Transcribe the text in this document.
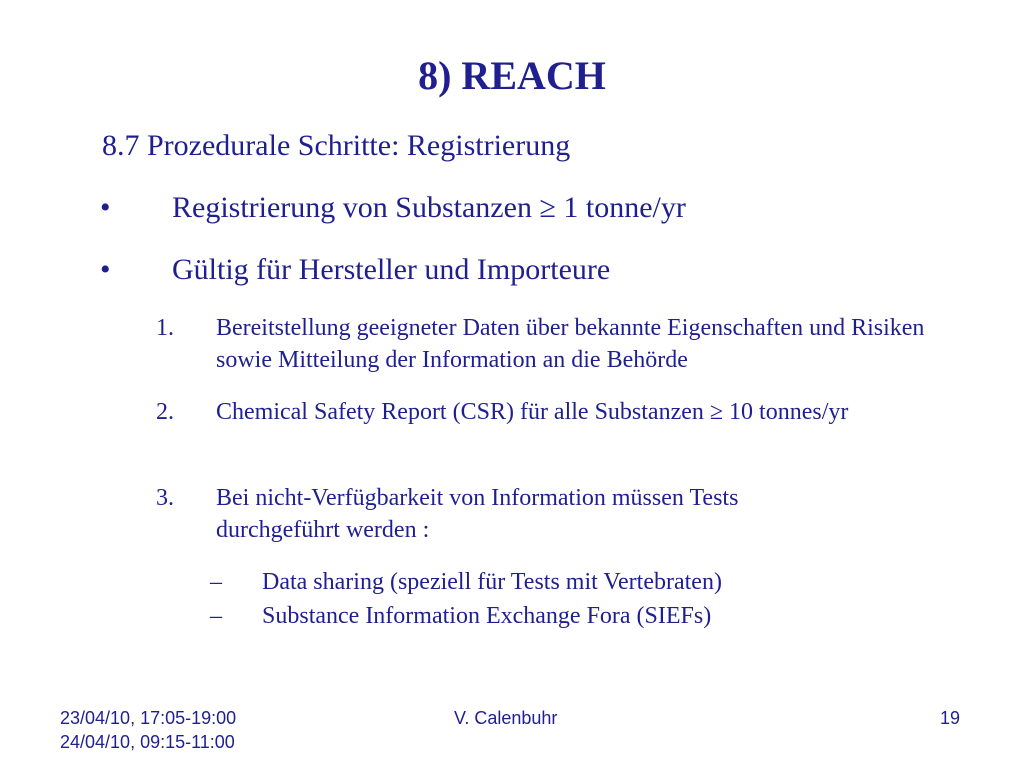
8) REACH
8.7 Prozedurale Schritte: Registrierung
• Registrierung von Substanzen ≥ 1 tonne/yr
• Gültig für Hersteller und Importeure
1. Bereitstellung geeigneter Daten über bekannte Eigenschaften und Risiken sowie Mitteilung der Information an die Behörde
2. Chemical Safety Report (CSR) für alle Substanzen ≥ 10 tonnes/yr
3. Bei nicht-Verfügbarkeit von Information müssen Tests durchgeführt werden :
– Data sharing (speziell für Tests mit Vertebraten)
– Substance Information Exchange Fora (SIEFs)
23/04/10, 17:05-19:00
24/04/10, 09:15-11:00
V. Calenbuhr	19
